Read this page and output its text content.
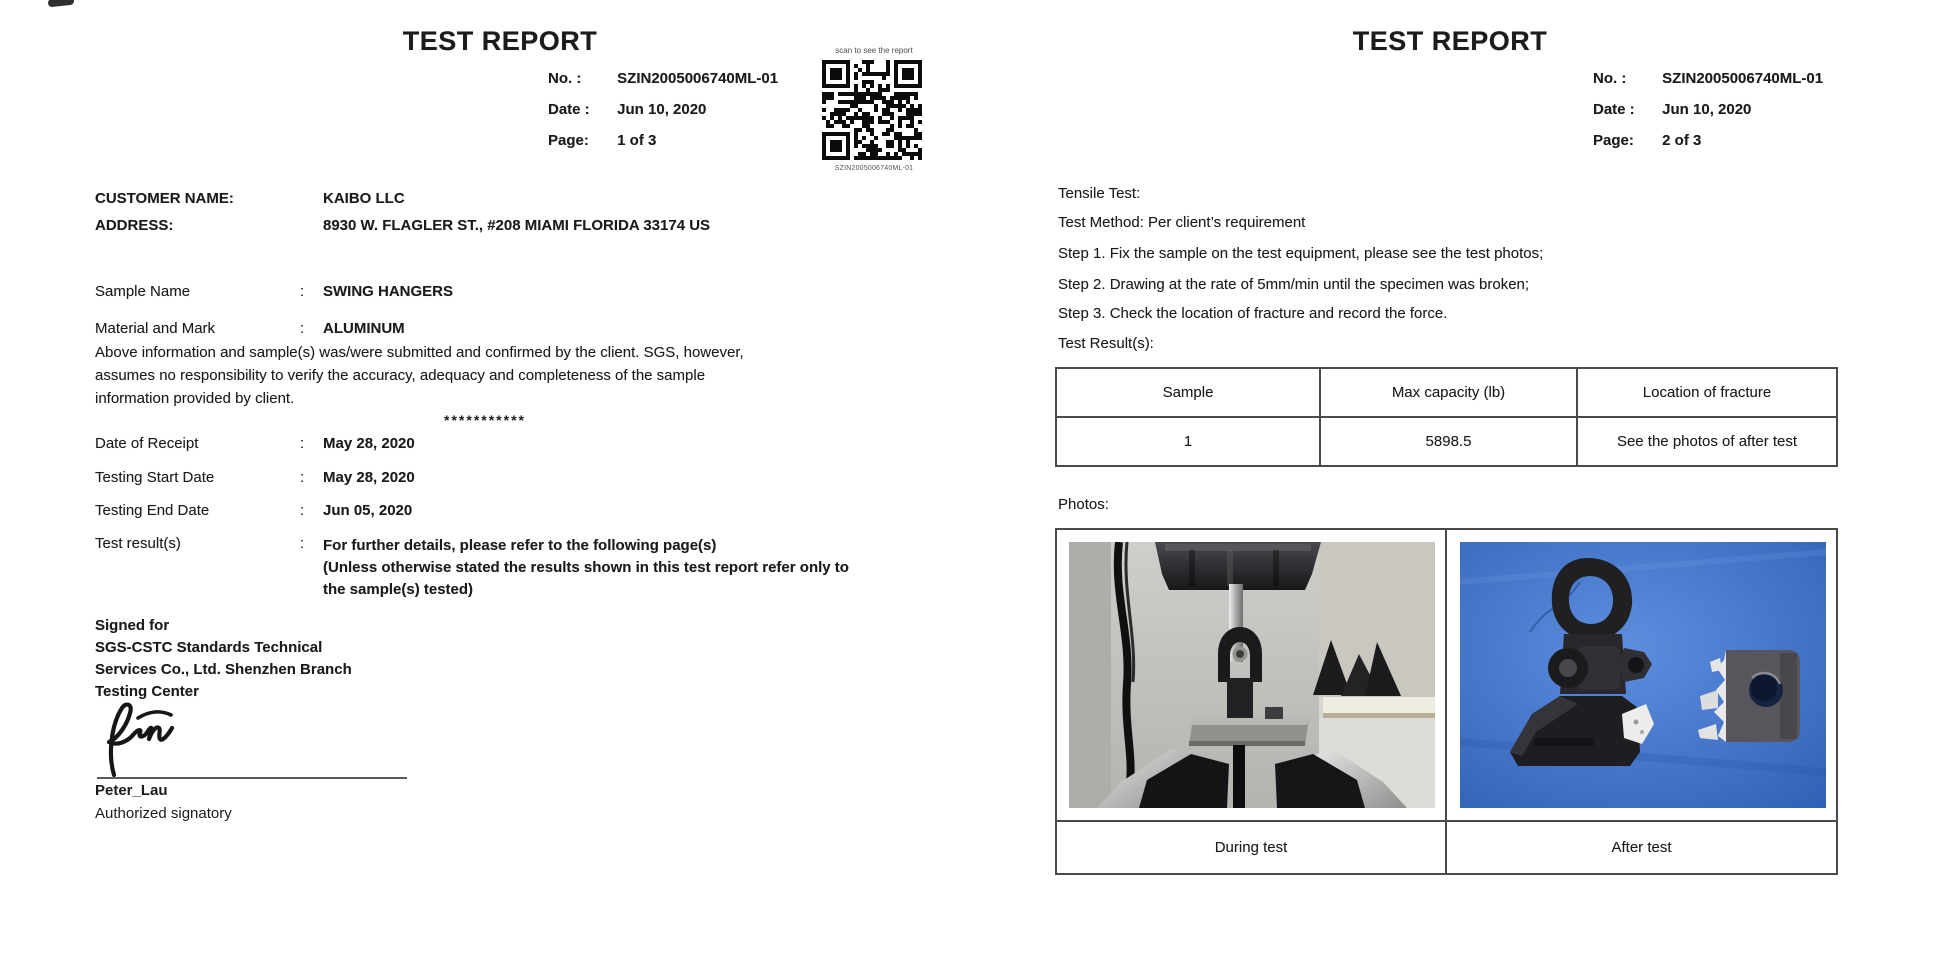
TEST REPORT
No. : SZIN2005006740ML-01
Date : Jun 10, 2020
Page: 1 of 3
scan to see the report
SZIN2005006740ML-01
CUSTOMER NAME:	KAIBO LLC
ADDRESS:	8930 W. FLAGLER ST., #208 MIAMI FLORIDA 33174 US
Sample Name	: SWING HANGERS
Material and Mark	: ALUMINUM
Above information and sample(s) was/were submitted and confirmed by the client. SGS, however,
assumes no responsibility to verify the accuracy, adequacy and completeness of the sample
information provided by client.
***********
Date of Receipt	: May 28, 2020
Testing Start Date	: May 28, 2020
Testing End Date	: Jun 05, 2020
Test result(s)	: For further details, please refer to the following page(s)
(Unless otherwise stated the results shown in this test report refer only to
the sample(s) tested)
Signed for
SGS-CSTC Standards Technical
Services Co., Ltd. Shenzhen Branch
Testing Center
Peter_Lau
Authorized signatory
TEST REPORT
No. : SZIN2005006740ML-01
Date : Jun 10, 2020
Page: 2 of 3
Tensile Test:
Test Method: Per client’s requirement
Step 1. Fix the sample on the test equipment, please see the test photos;
Step 2. Drawing at the rate of 5mm/min until the specimen was broken;
Step 3. Check the location of fracture and record the force.
Test Result(s):
Sample	Max capacity (lb)	Location of fracture
1	5898.5	See the photos of after test
Photos:
During test	After test
